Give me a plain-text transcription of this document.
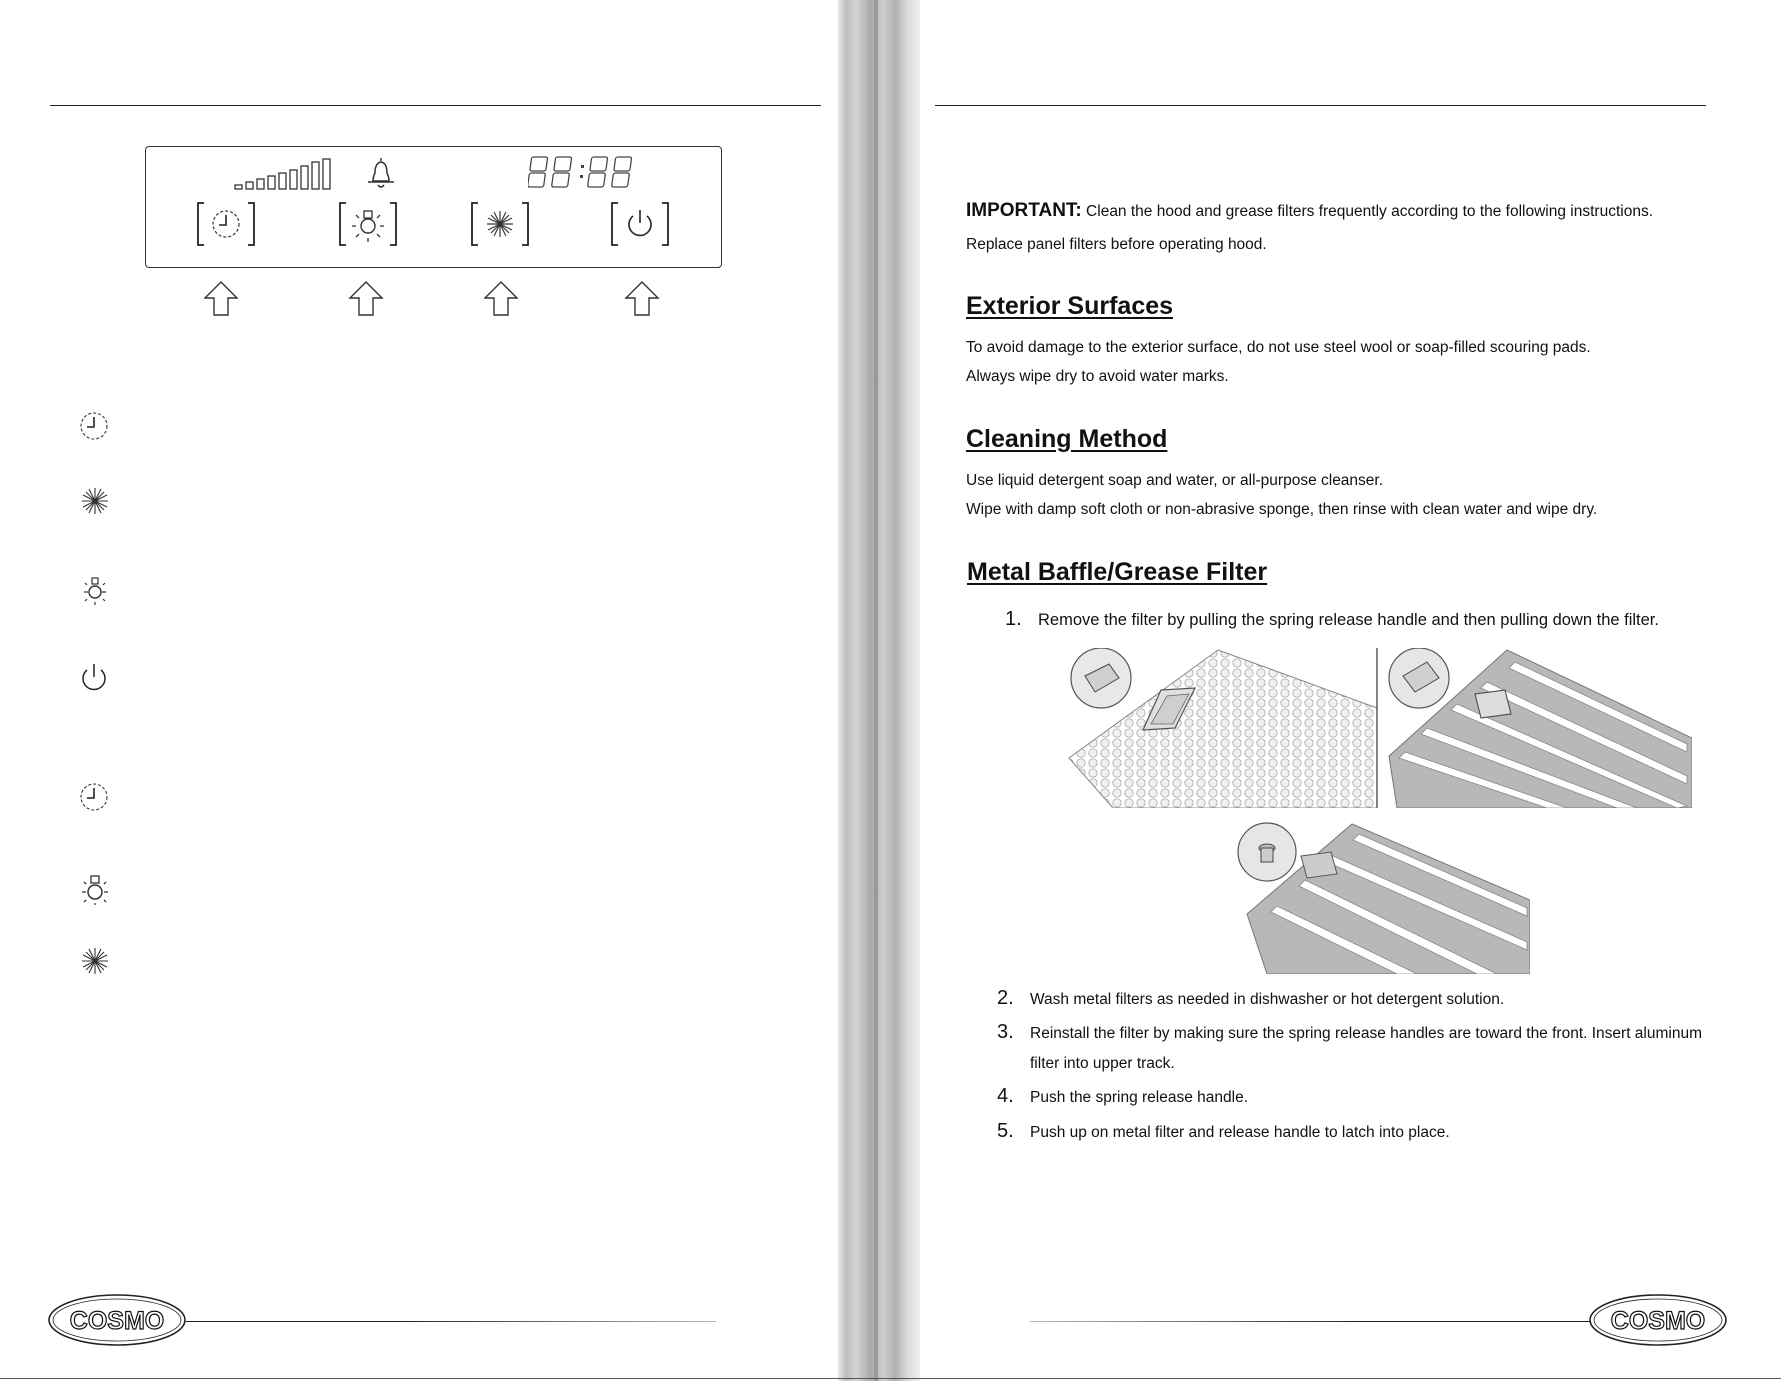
COSMO
IMPORTANT: Clean the hood and grease filters frequently according to the following instructions.
Replace panel filters before operating hood.
Exterior Surfaces
To avoid damage to the exterior surface, do not use steel wool or soap-filled scouring pads.
Always wipe dry to avoid water marks.
Cleaning Method
Use liquid detergent soap and water, or all-purpose cleanser.
Wipe with damp soft cloth or non-abrasive sponge, then rinse with clean water and wipe dry.
Metal Baffle/Grease Filter
1. Remove the filter by pulling the spring release handle and then pulling down the filter.
2. Wash metal filters as needed in dishwasher or hot detergent solution.
3. Reinstall the filter by making sure the spring release handles are toward the front. Insert aluminum
filter into upper track.
4. Push the spring release handle.
5. Push up on metal filter and release handle to latch into place.
COSMO
